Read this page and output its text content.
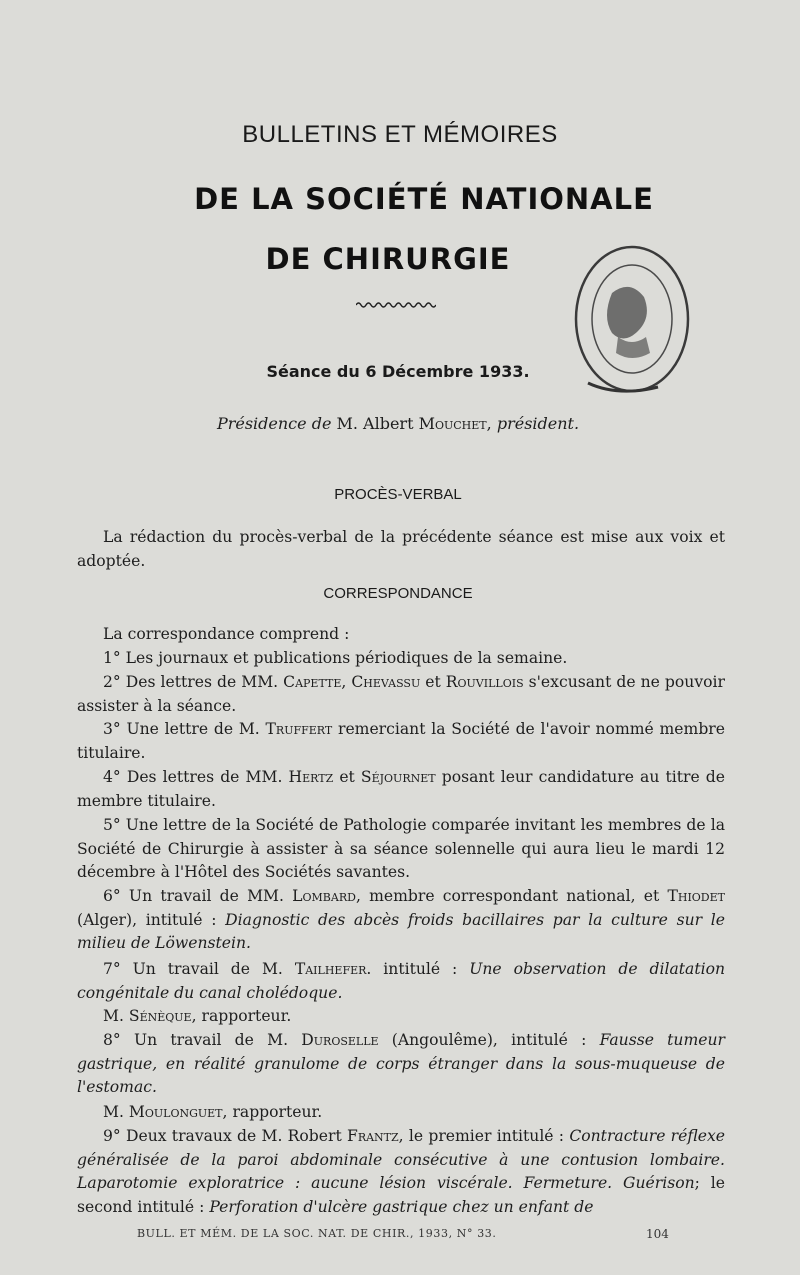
BULLETINS ET MÉMOIRES
DE LA SOCIÉTÉ NATIONALE
DE CHIRURGIE
Séance du 6 Décembre 1933.
Présidence de M. Albert Mouchet, président.
PROCÈS-VERBAL

La rédaction du procès-verbal de la précédente séance est mise aux voix et adoptée.

CORRESPONDANCE

La correspondance comprend :

1° Les journaux et publications périodiques de la semaine.

2° Des lettres de MM. Capette, Chevassu et Rouvillois s'excusant de ne pouvoir assister à la séance.

3° Une lettre de M. Truffert remerciant la Société de l'avoir nommé membre titulaire.

4° Des lettres de MM. Hertz et Séjournet posant leur candidature au titre de membre titulaire.

5° Une lettre de la Société de Pathologie comparée invitant les membres de la Société de Chirurgie à assister à sa séance solennelle qui aura lieu le mardi 12 décembre à l'Hôtel des Sociétés savantes.

6° Un travail de MM. Lombard, membre correspondant national, et Thiodet (Alger), intitulé : Diagnostic des abcès froids bacillaires par la culture sur le milieu de Löwenstein.

7° Un travail de M. Tailhefer. intitulé : Une observation de dilatation congénitale du canal cholédoque.

M. Sénèque, rapporteur.

8° Un travail de M. Duroselle (Angoulême), intitulé : Fausse tumeur gastrique, en réalité granulome de corps étranger dans la sous-muqueuse de l'estomac.

M. Moulonguet, rapporteur.

9° Deux travaux de M. Robert Frantz, le premier intitulé : Contracture réflexe généralisée de la paroi abdominale consécutive à une contusion lombaire. Laparotomie exploratrice : aucune lésion viscérale. Fermeture. Guérison; le second intitulé : Perforation d'ulcère gastrique chez un enfant de

BULL. ET MÉM. DE LA SOC. NAT. DE CHIR., 1933, N° 33.	104
